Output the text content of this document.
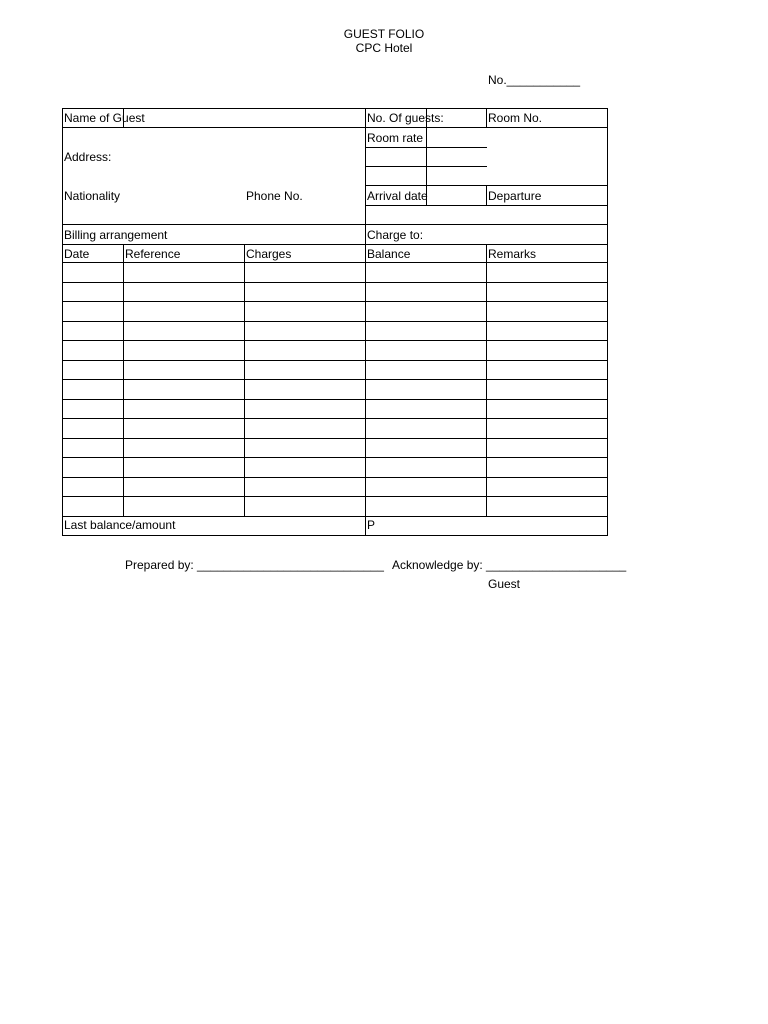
GUEST FOLIO
CPC Hotel
No.___________
Name of Guest	No. Of guests:	Room No.
Room rate
Address:
Nationality	Phone No.	Arrival date	Departure
Billing arrangement	Charge to:
Date	Reference	Charges	Balance	Remarks
Last balance/amount	P
Prepared by: ____________________________ Acknowledge by: _____________________
Guest
